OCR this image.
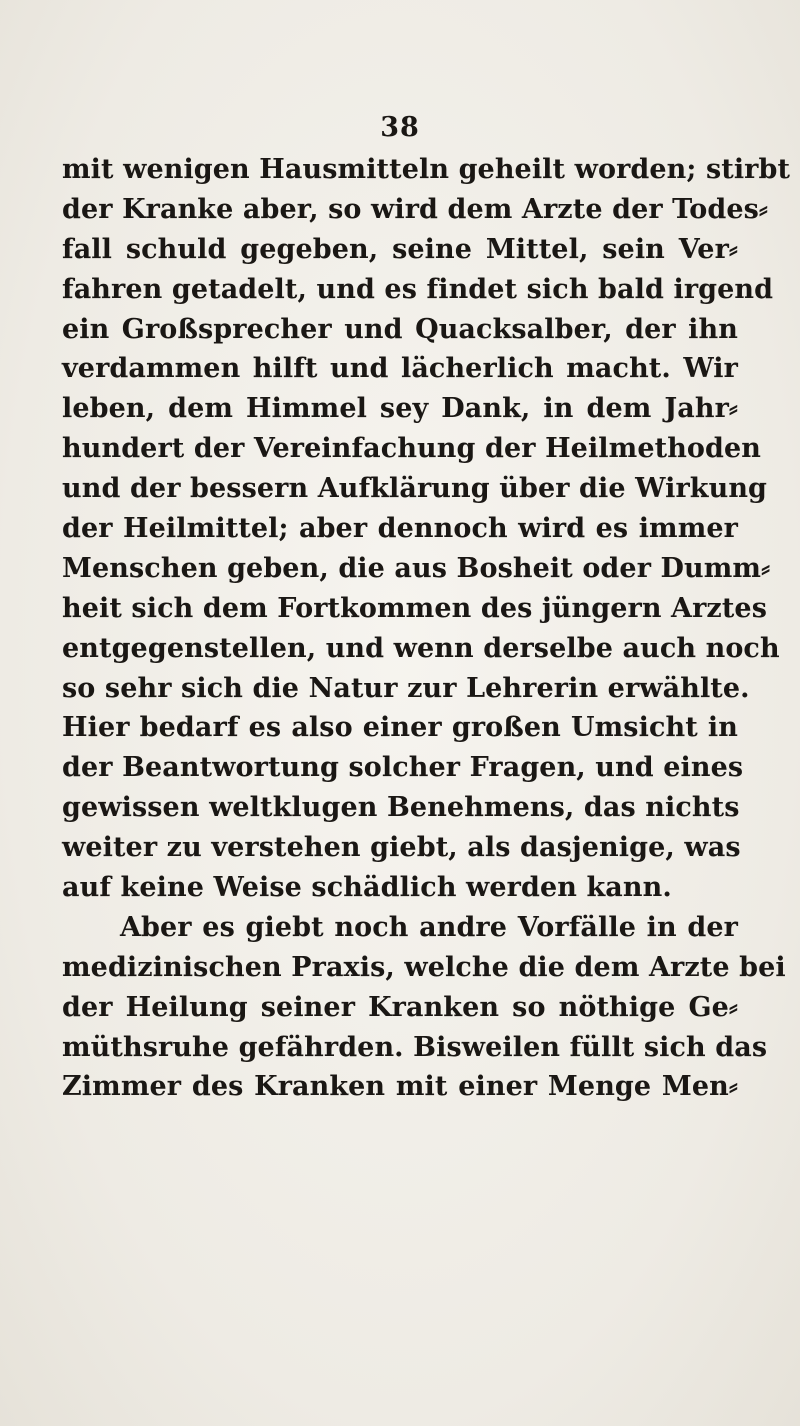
38
mit wenigen Hausmitteln geheilt worden; stirbt
der Kranke aber, so wird dem Arzte der Todes⸗
fall schuld gegeben, seine Mittel, sein Ver⸗
fahren getadelt, und es findet sich bald irgend
ein Großsprecher und Quacksalber, der ihn
verdammen hilft und lächerlich macht. Wir
leben, dem Himmel sey Dank, in dem Jahr⸗
hundert der Vereinfachung der Heilmethoden
und der bessern Aufklärung über die Wirkung
der Heilmittel; aber dennoch wird es immer
Menschen geben, die aus Bosheit oder Dumm⸗
heit sich dem Fortkommen des jüngern Arztes
entgegenstellen, und wenn derselbe auch noch
so sehr sich die Natur zur Lehrerin erwählte.
Hier bedarf es also einer großen Umsicht in
der Beantwortung solcher Fragen, und eines
gewissen weltklugen Benehmens, das nichts
weiter zu verstehen giebt, als dasjenige, was
auf keine Weise schädlich werden kann.
Aber es giebt noch andre Vorfälle in der
medizinischen Praxis, welche die dem Arzte bei
der Heilung seiner Kranken so nöthige Ge⸗
müthsruhe gefährden. Bisweilen füllt sich das
Zimmer des Kranken mit einer Menge Men⸗
